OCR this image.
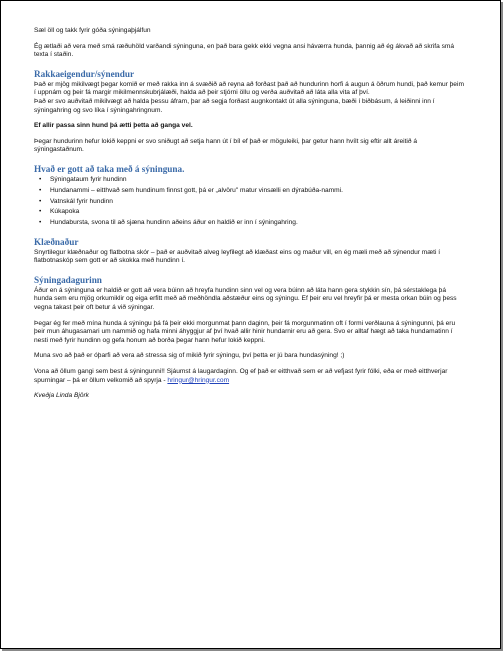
Sæl öll og takk fyrir góða sýningaþjálfun

Ég ætlaði að vera með smá ræðuhöld varðandi sýninguna, en það bara gekk ekki vegna ansi háværra hunda, þannig að ég ákvað að skrifa smá texta í staðin.

Rakkaeigendur/sýnendur

Það er mjög mikilvægt þegar komið er með rakka inn á svæðið að reyna að forðast það að hundurinn horfi á augun á öðrum hundi, það kemur þeim í uppnám og þeir fá margir mikilmennskubrjálæði, halda að þeir stjórni öllu og verða auðvitað að láta alla vita af því.

Það er svo auðvitað mikilvægt að halda þessu áfram, þar að segja forðast augnkontakt út alla sýninguna, bæði í biðbásum, á leiðinni inn í sýningahring og svo líka í sýningahringnum.

Ef allir passa sinn hund þá ætti þetta að ganga vel.

Þegar hundurinn hefur lokið keppni er svo sniðugt að setja hann út í bíl ef það er möguleiki, þar getur hann hvílt sig eftir allt áreitið á sýningastaðnum.

Hvað er gott að taka með á sýninguna.
• Sýningataum fyrir hundinn
• Hundanammi – eitthvað sem hundinum finnst gott, þá er „alvöru" matur vinsælli en dýrabúða-nammi.
• Vatnskál fyrir hundinn
• Kúkapoka
• Hundabursta, svona til að sjæna hundinn aðeins áður en haldið er inn í sýningahring.
Klæðnaður

Snyrtilegur klæðnaður og flatbotna skór – það er auðvitað alveg leyfilegt að klæðast eins og maður vill, en ég mæli með að sýnendur mæti í flatbotnaskóp sem gott er að skokka með hundinn í.

Sýningadagurinn

Áður en á sýninguna er haldið er gott að vera búinn að hreyfa hundinn sinn vel og vera búinn að láta hann gera stykkin sín, þá sérstaklega þá hunda sem eru mjög orkumiklir og eiga erfitt með að meðhöndla aðstæður eins og sýningu. Ef þeir eru vel hreyfir þá er mesta orkan búin og þess vegna takast þeir oft betur á við sýningar.

Þegar ég fer með mína hunda á sýningu þá fá þeir ekki morgunmat þann daginn, þeir fá morgunmatinn oft í formi verðlauna á sýningunni, þá eru þeir mun áhugasamari um nammið og hafa minni áhyggjur af því hvað allir hinir hundarnir eru að gera. Svo er alltaf hægt að taka hundamatinn í nesti með fyrir hundinn og gefa honum að borða þegar hann hefur lokið keppni.

Muna svo að það er óþarfi að vera að stressa sig of mikið fyrir sýningu, því þetta er jú bara hundasýning! ;)

Vona að öllum gangi sem best á sýningunni!! Sjáumst á laugardaginn. Og ef það er eitthvað sem er að vefjast fyrir fólki, eða er með eitthverjar spurningar – þá er öllum velkomið að spyrja - hringur@hringur.com

Kveðja Linda Björk
